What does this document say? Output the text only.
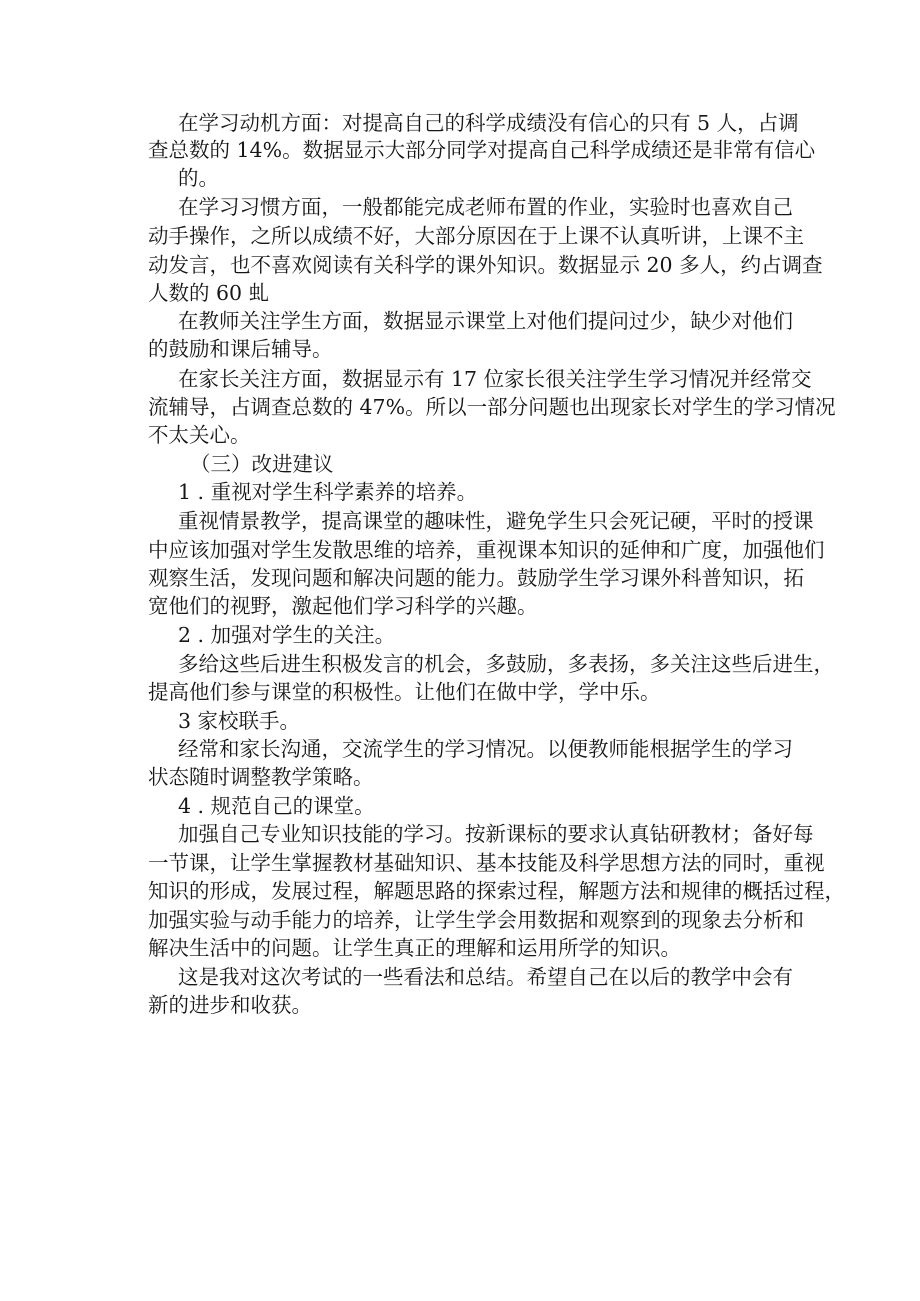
在学习动机方面：对提高自己的科学成绩没有信心的只有 5 人，占调
查总数的 14%。数据显示大部分同学对提高自己科学成绩还是非常有信心
的。
在学习习惯方面，一般都能完成老师布置的作业，实验时也喜欢自己
动手操作，之所以成绩不好，大部分原因在于上课不认真听讲，上课不主
动发言，也不喜欢阅读有关科学的课外知识。数据显示 20 多人，约占调查
人数的 60 虬
在教师关注学生方面，数据显示课堂上对他们提问过少，缺少对他们
的鼓励和课后辅导。
在家长关注方面，数据显示有 17 位家长很关注学生学习情况并经常交
流辅导，占调查总数的 47%。所以一部分问题也出现家长对学生的学习情况
不太关心。
（三）改进建议
1 . 重视对学生科学素养的培养。
重视情景教学，提高课堂的趣味性，避免学生只会死记硬，平时的授课
中应该加强对学生发散思维的培养，重视课本知识的延伸和广度，加强他们
观察生活，发现问题和解决问题的能力。鼓励学生学习课外科普知识，拓
宽他们的视野，激起他们学习科学的兴趣。
2 . 加强对学生的关注。
多给这些后进生积极发言的机会，多鼓励，多表扬，多关注这些后进生，
提高他们参与课堂的积极性。让他们在做中学，学中乐。
3 家校联手。
经常和家长沟通，交流学生的学习情况。以便教师能根据学生的学习
状态随时调整教学策略。
4 . 规范自己的课堂。
加强自己专业知识技能的学习。按新课标的要求认真钻研教材；备好每
一节课，让学生掌握教材基础知识、基本技能及科学思想方法的同时，重视
知识的形成，发展过程，解题思路的探索过程，解题方法和规律的概括过程，
加强实验与动手能力的培养，让学生学会用数据和观察到的现象去分析和
解决生活中的问题。让学生真正的理解和运用所学的知识。
这是我对这次考试的一些看法和总结。希望自己在以后的教学中会有
新的进步和收获。
